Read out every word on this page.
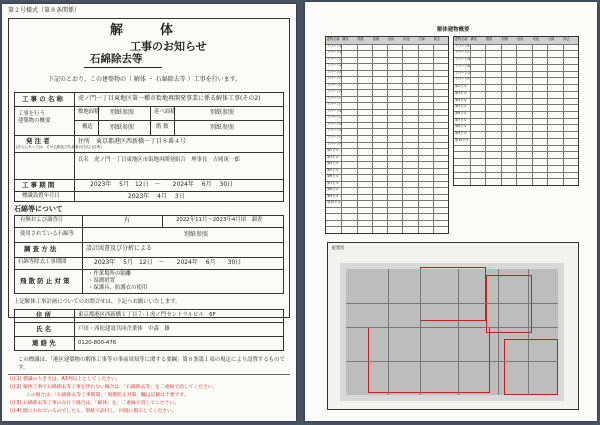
第２号様式（第８条関係）
解　体
工事のお知らせ
石綿除去等
下記のとおり、この建築物の（ 解体 ・ 石綿除去等 ）工事を行います。
工 事 の 名 称	虎ノ門一丁目東地区第一種市街地再開発事業に係る解体工事(その2)
工事を行う
建築物の概要
敷地面積 別紙参照	延べ面積	別紙参照
構造	別紙参照	階 数	別紙参照
発 注 者
(法人にあっては、その名称及び代表者の氏名) (住所)
住所　東京都港区西新橋一丁目８番４号
氏名　虎ノ門一丁目東地区市街地再開発組合　理事長　吉岡庚一郎
工 事 期 間	2023年　 5月　12日　～　　2024年　 6月　 30日
標識設置年月日	2023年　 4月　 3日
石綿等について
有無および調査日	有	2022年11月～2023年4月頃　調査
使用されている石綿等	別紙参照
調 査 方 法	設計図書及び分析による
石綿等除去工事期間	2023年　 5月　12日　～　　2024年　 6月　　30日
飛 散 防 止 対 策
・作業場所の隔離
・湿潤措置
・保護具、防護衣の使用
上記解体工事計画についてのお問合せは、下記へお願いいたします。
住 所	東京都港区西新橋１丁目７-１虎ノ門セントラルビル　6F
氏 名	戸田・西松建設共同企業体　中森　雄
連 絡 先	0120-800-476
この標識は、「港区建築物の解体工事等の事前周知等に関する要綱」第８条第１項の規定により設置するものです。
(注1) 標識の大きさは、A3判以上としてください。
(注2) 解体工事で石綿除去等工事を伴わない場合は、「石綿除去等」を二重線で消してください。
　　　 この場合は、「石綿除去等工事期間」「飛散防止対策」欄は記載は不要です。
(注3) 石綿除去等工事のみ行う場合は、「解体」を、二重線で消してください。
(注4) 既にわれているのでしたら、別紙で添付し、同様に掲示してください。
解体建物概要
建物名称 構造	階数	面積	延床	用途	石綿	除去
アパートA
アパートB
アパートC
アパートD
アパートE
アパートF
アパートG
アパートH
アパートI
アパートJ
アパートK
アパートL
アパートM
アパートN
アパートO
アパートP
第2ビル
第3ビル
第4ビル
第5ビル
第6ビル
第7ビル
第8ビル
第9ビル
第10ビル
建物名称 構造	階数	面積	延床	用途	石綿	除去
アパートK
アパートL
アパートM
アパートN
アパートO
アパートP
第2ビル
第3ビル
第4ビル
第5ビル
第6ビル
第7ビル
第8ビル
第9ビル
第10ビル
配置図
